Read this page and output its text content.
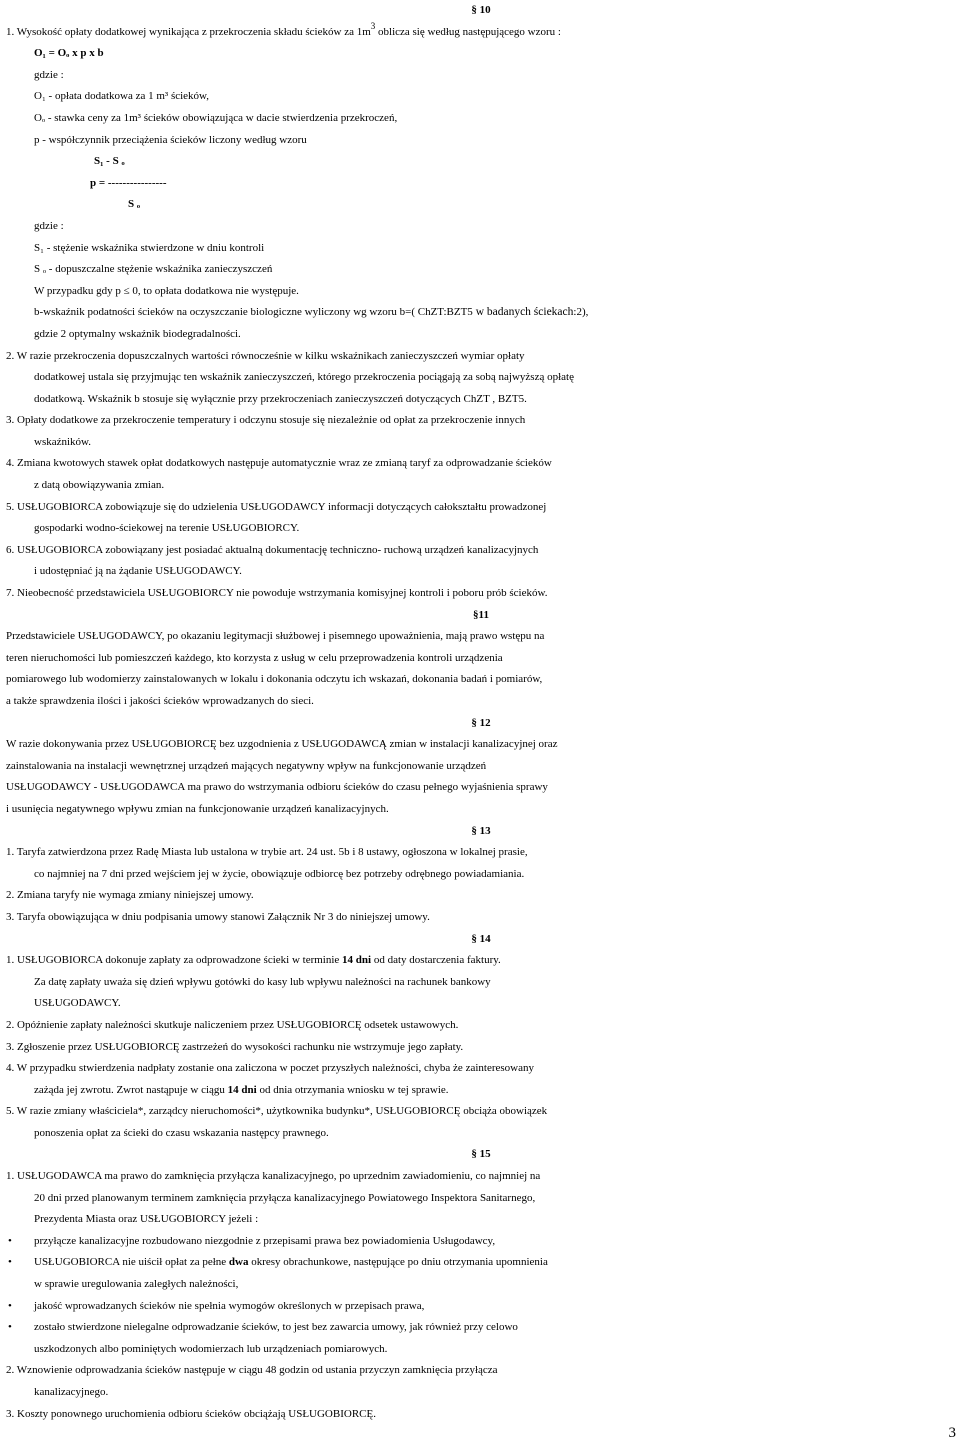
§ 10
1. Wysokość opłaty dodatkowej wynikająca z przekroczenia składu ścieków za $1m^3$ oblicza się według następującego wzoru :
O₁ = Oₒ x p x b
gdzie :
O₁ - opłata dodatkowa za 1 m³ ścieków,
Oₒ - stawka ceny za 1m³ ścieków obowiązująca w dacie stwierdzenia przekroczeń,
p - współczynnik przeciążenia ścieków liczony według wzoru
S₁ - S ₒ
p = ----------------
S ₒ
gdzie :
S₁ - stężenie wskaźnika stwierdzone w dniu kontroli
S ₒ - dopuszczalne stężenie wskaźnika zanieczyszczeń
W przypadku gdy p ≤ 0, to opłata dodatkowa nie występuje.
b-wskaźnik podatności ścieków na oczyszczanie biologiczne wyliczony wg wzoru b=( ChZT:BZT5 w badanych ściekach:2),
gdzie 2 optymalny wskaźnik biodegradalności.
2. W razie przekroczenia dopuszczalnych wartości równocześnie w kilku wskaźnikach zanieczyszczeń wymiar opłaty
dodatkowej ustala się przyjmując ten wskaźnik zanieczyszczeń, którego przekroczenia pociągają za sobą najwyższą opłatę
dodatkową. Wskaźnik b stosuje się wyłącznie przy przekroczeniach zanieczyszczeń dotyczących ChZT , BZT5.
3. Opłaty dodatkowe za przekroczenie temperatury i odczynu stosuje się niezależnie od opłat za przekroczenie innych
wskaźników.
4. Zmiana kwotowych stawek opłat dodatkowych następuje automatycznie wraz ze zmianą taryf za odprowadzanie ścieków
z datą obowiązywania zmian.
5. USŁUGOBIORCA zobowiązuje się do udzielenia USŁUGODAWCY informacji dotyczących całokształtu prowadzonej
gospodarki wodno-ściekowej na terenie USŁUGOBIORCY.
6. USŁUGOBIORCA zobowiązany jest posiadać aktualną dokumentację techniczno- ruchową urządzeń kanalizacyjnych
i udostępniać ją na żądanie USŁUGODAWCY.
7. Nieobecność przedstawiciela USŁUGOBIORCY nie powoduje wstrzymania komisyjnej kontroli i poboru prób ścieków.
§11
Przedstawiciele USŁUGODAWCY, po okazaniu legitymacji służbowej i pisemnego upoważnienia, mają prawo wstępu na
teren nieruchomości lub pomieszczeń każdego, kto korzysta z usług w celu przeprowadzenia kontroli urządzenia
pomiarowego lub wodomierzy zainstalowanych w lokalu i dokonania odczytu ich wskazań, dokonania badań i pomiarów,
a także sprawdzenia ilości i jakości ścieków wprowadzanych do sieci.
§ 12
W razie dokonywania przez USŁUGOBIORCĘ bez uzgodnienia z USŁUGODAWCĄ zmian w instalacji kanalizacyjnej oraz
zainstalowania na instalacji wewnętrznej urządzeń mających negatywny wpływ na funkcjonowanie urządzeń
USŁUGODAWCY - USŁUGODAWCA ma prawo do wstrzymania odbioru ścieków do czasu pełnego wyjaśnienia sprawy
i usunięcia negatywnego wpływu zmian na funkcjonowanie urządzeń kanalizacyjnych.
§ 13
1. Taryfa zatwierdzona przez Radę Miasta lub ustalona w trybie art. 24 ust. 5b i 8 ustawy, ogłoszona w lokalnej prasie,
co najmniej na 7 dni przed wejściem jej w życie, obowiązuje odbiorcę bez potrzeby odrębnego powiadamiania.
2. Zmiana taryfy nie wymaga zmiany niniejszej umowy.
3. Taryfa obowiązująca w dniu podpisania umowy stanowi Załącznik Nr 3 do niniejszej umowy.
§ 14
1. USŁUGOBIORCA dokonuje zapłaty za odprowadzone ścieki w terminie 14 dni od daty dostarczenia faktury.
Za datę zapłaty uważa się dzień wpływu gotówki do kasy lub wpływu należności na rachunek bankowy
USŁUGODAWCY.
2. Opóźnienie zapłaty należności skutkuje naliczeniem przez USŁUGOBIORCĘ odsetek ustawowych.
3. Zgłoszenie przez USŁUGOBIORCĘ zastrzeżeń do wysokości rachunku nie wstrzymuje jego zapłaty.
4. W przypadku stwierdzenia nadpłaty zostanie ona zaliczona w poczet przyszłych należności, chyba że zainteresowany
zażąda jej zwrotu. Zwrot nastąpuje w ciągu 14 dni od dnia otrzymania wniosku w tej sprawie.
5. W razie zmiany właściciela*, zarządcy nieruchomości*, użytkownika budynku*, USŁUGOBIORCĘ obciąża obowiązek
ponoszenia opłat za ścieki do czasu wskazania następcy prawnego.
§ 15
1. USŁUGODAWCA ma prawo do zamknięcia przyłącza kanalizacyjnego, po uprzednim zawiadomieniu, co najmniej na
20 dni przed planowanym terminem zamknięcia przyłącza kanalizacyjnego Powiatowego Inspektora Sanitarnego,
Prezydenta Miasta oraz USŁUGOBIORCY jeżeli :
• przyłącze kanalizacyjne rozbudowano niezgodnie z przepisami prawa bez powiadomienia Usługodawcy,
• USŁUGOBIORCA nie uiścił opłat za pełne dwa okresy obrachunkowe, następujące po dniu otrzymania upomnienia
w sprawie uregulowania zaległych należności,
• jakość wprowadzanych ścieków nie spełnia wymogów określonych w przepisach prawa,
• zostało stwierdzone nielegalne odprowadzanie ścieków, to jest bez zawarcia umowy, jak również przy celowo
uszkodzonych albo pominiętych wodomierzach lub urządzeniach pomiarowych.
2. Wznowienie odprowadzania ścieków następuje w ciągu 48 godzin od ustania przyczyn zamknięcia przyłącza
kanalizacyjnego.
3. Koszty ponownego uruchomienia odbioru ścieków obciążają USŁUGOBIORCĘ.
3
